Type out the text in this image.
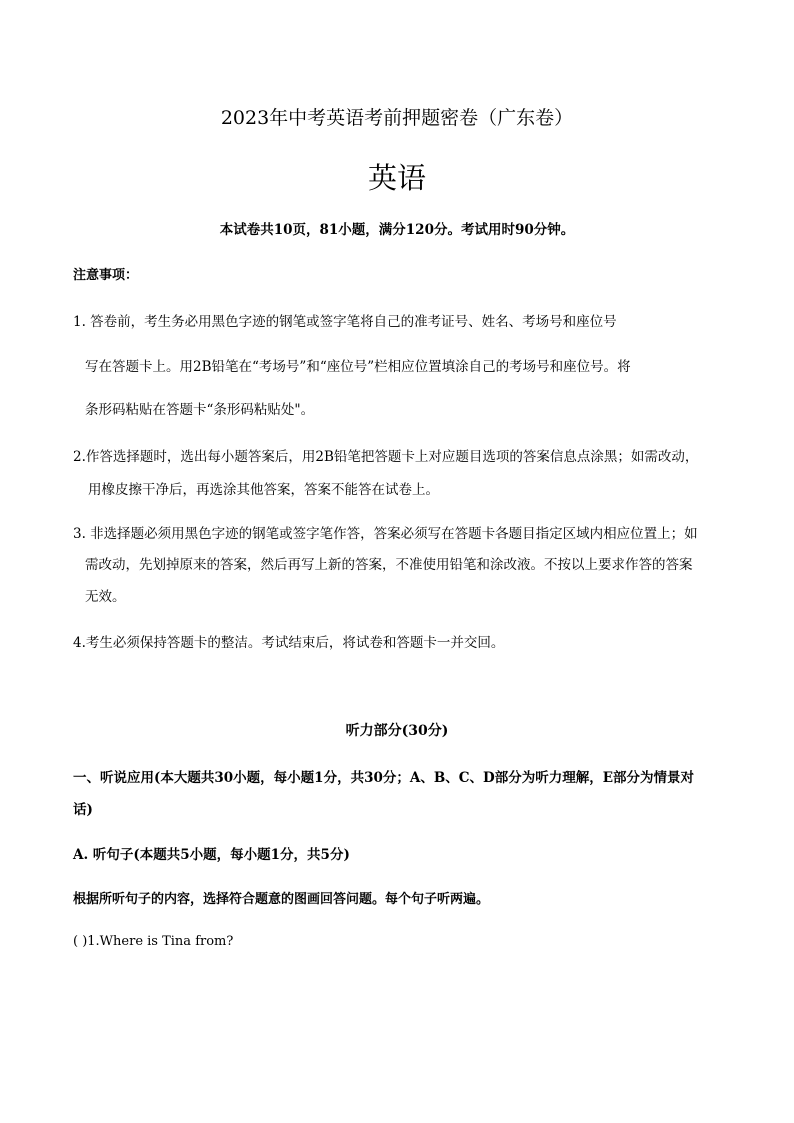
2023年中考英语考前押题密卷（广东卷）
英语
本试卷共10页，81小题，满分120分。考试用时90分钟。
注意事项：
1. 答卷前，考生务必用黑色字迹的钢笔或签字笔将自己的准考证号、姓名、考场号和座位号
写在答题卡上。用2B铅笔在“考场号”和“座位号”栏相应位置填涂自己的考场号和座位号。将
条形码粘贴在答题卡“条形码粘贴处"。
2.作答选择题时，选出每小题答案后，用2B铅笔把答题卡上对应题目选项的答案信息点涂黑；如需改动，
用橡皮擦干净后，再选涂其他答案，答案不能答在试卷上。
3. 非选择题必须用黑色字迹的钢笔或签字笔作答，答案必须写在答题卡各题目指定区域内相应位置上；如
需改动，先划掉原来的答案，然后再写上新的答案，不准使用铅笔和涂改液。不按以上要求作答的答案
无效。
4.考生必须保持答题卡的整洁。考试结束后，将试卷和答题卡一并交回。
听力部分(30分)
一、听说应用(本大题共30小题，每小题1分，共30分；A、B、C、D部分为听力理解，E部分为情景对
话)
A. 听句子(本题共5小题，每小题1分，共5分)
根据所听句子的内容，选择符合题意的图画回答问题。每个句子听两遍。
( )1.Where is Tina from?
